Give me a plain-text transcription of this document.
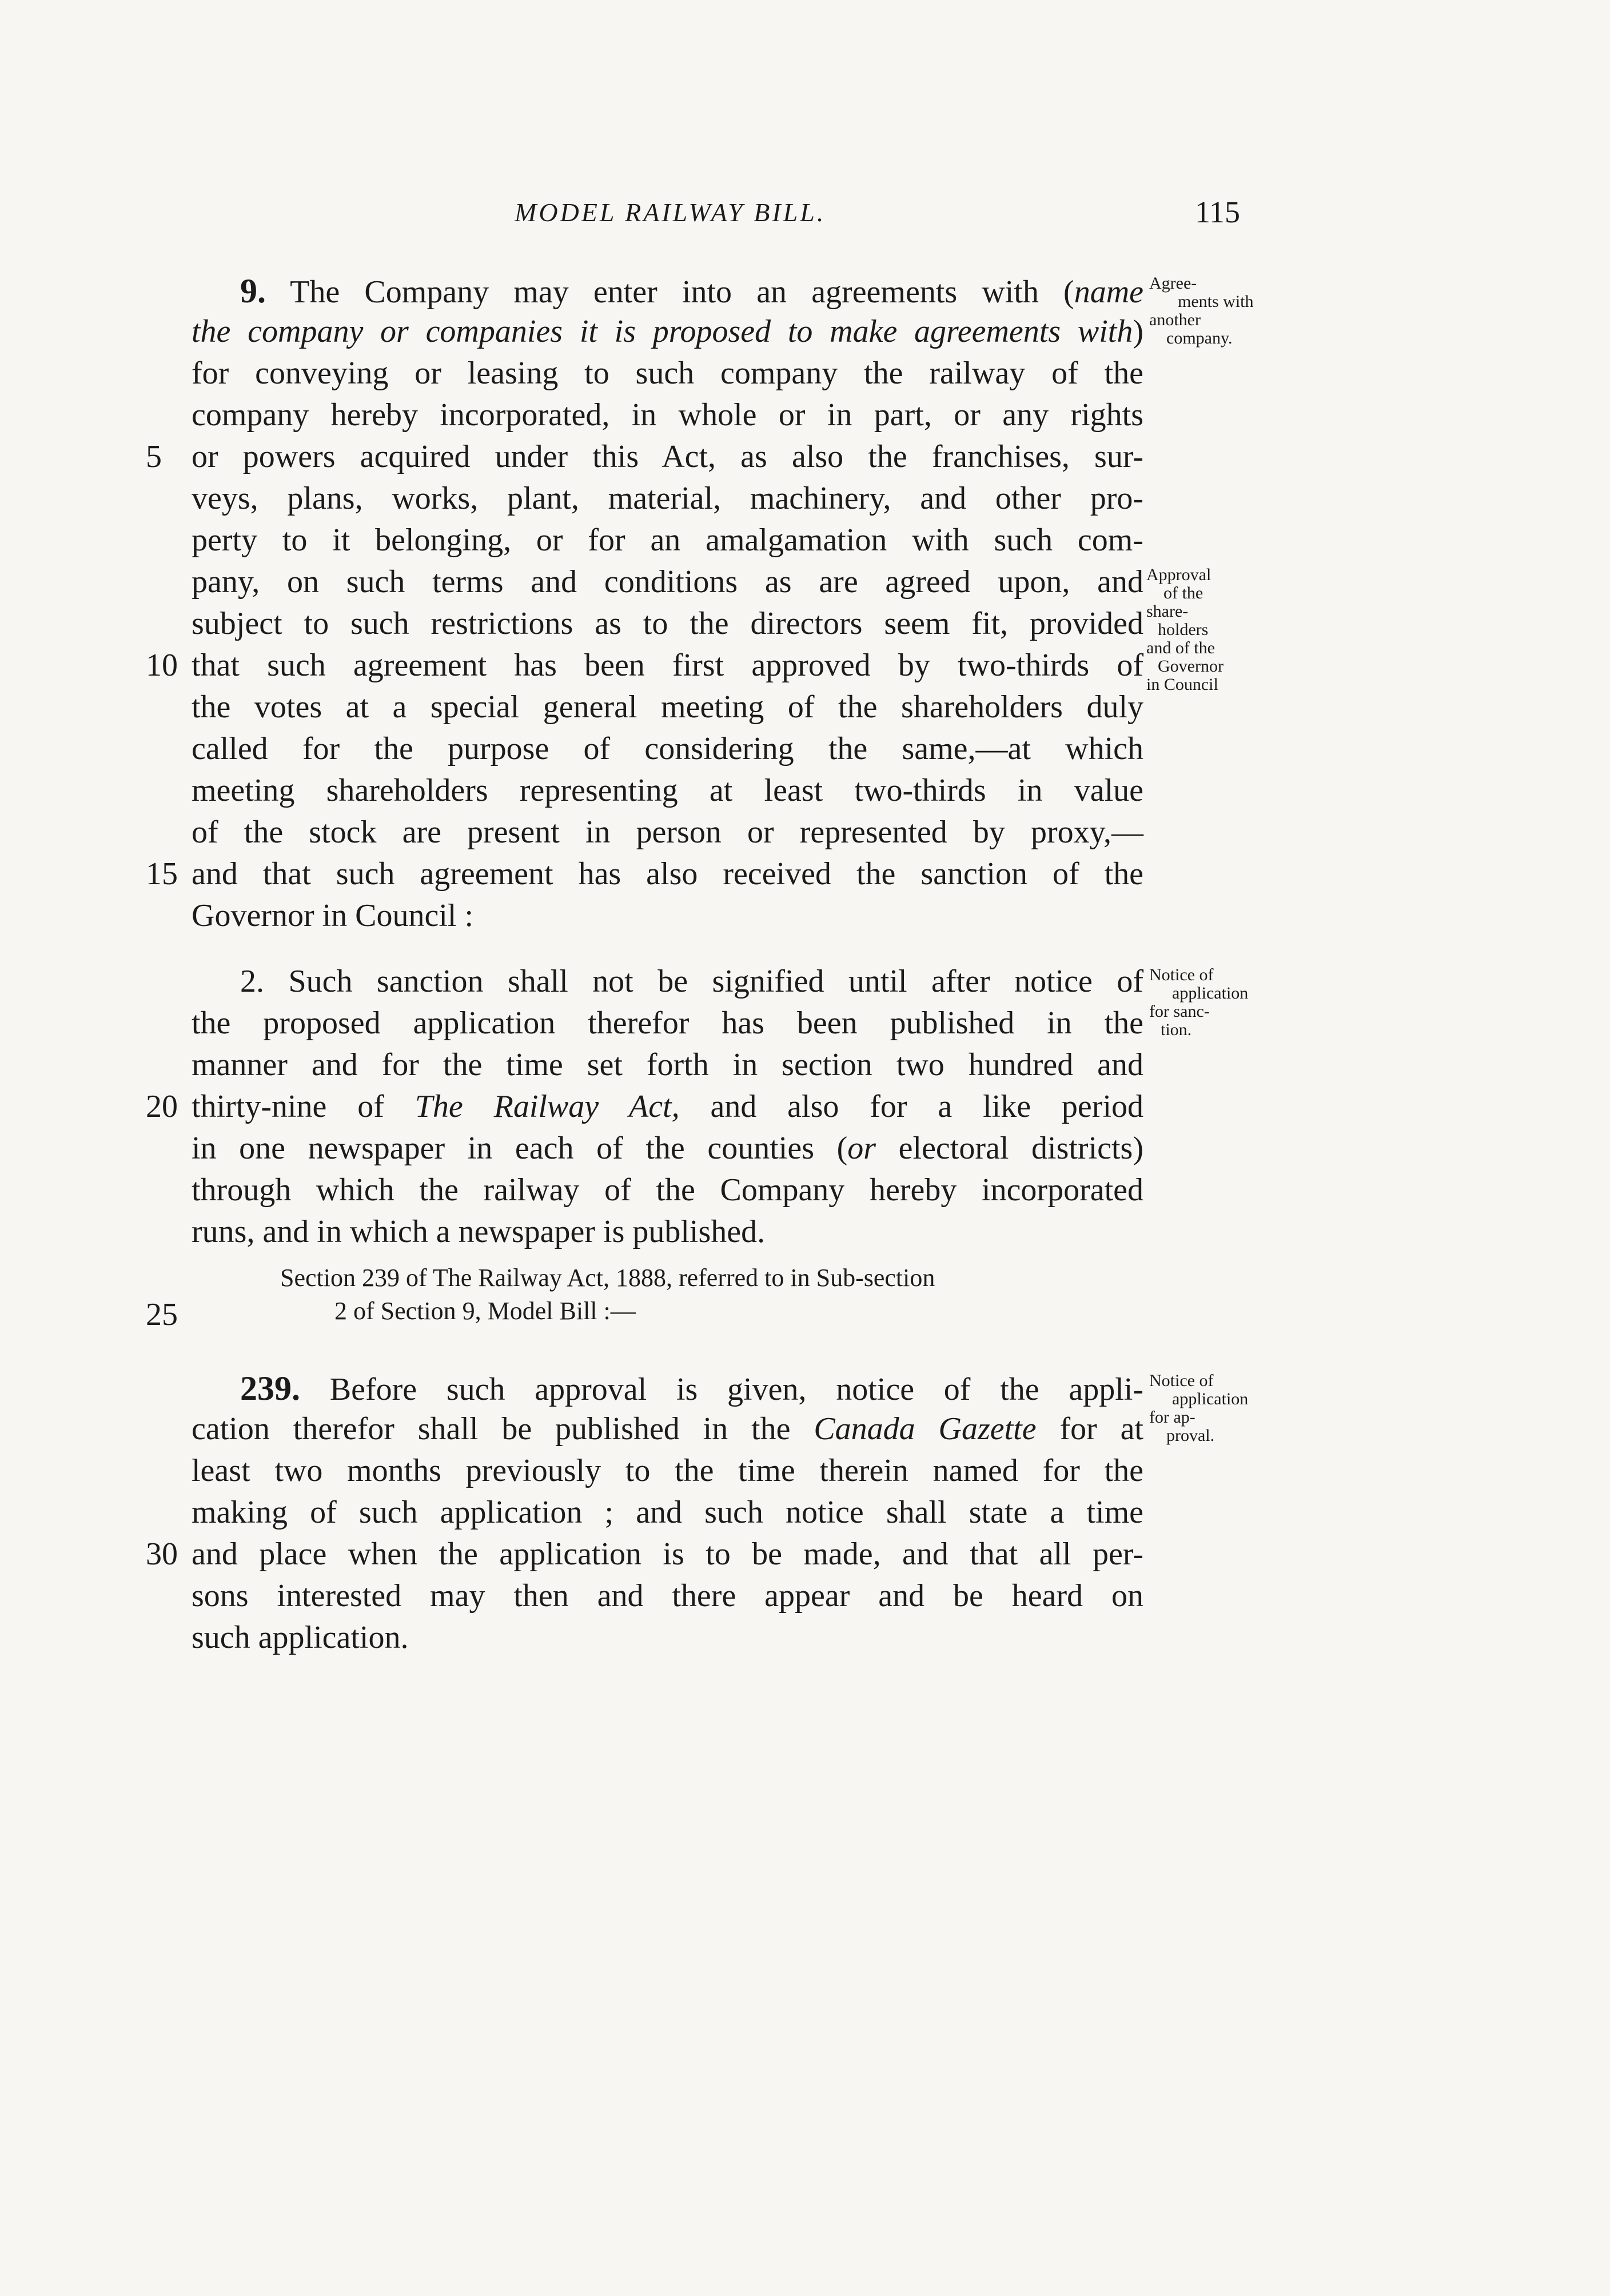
MODEL RAILWAY BILL.	115
9. The Company may enter into an agreements with (name
the company or companies it is proposed to make agreements with)
for conveying or leasing to such company the railway of the
company hereby incorporated, in whole or in part, or any rights
or powers acquired under this Act, as also the franchises, sur-
veys, plans, works, plant, material, machinery, and other pro-
perty to it belonging, or for an amalgamation with such com-
pany, on such terms and conditions as are agreed upon, and
subject to such restrictions as to the directors seem fit, provided
that such agreement has been first approved by two-thirds of
the votes at a special general meeting of the shareholders duly
called for the purpose of considering the same,—at which
meeting shareholders representing at least two-thirds in value
of the stock are present in person or represented by proxy,—
and that such agreement has also received the sanction of the
Governor in Council :
2. Such sanction shall not be signified until after notice of
the proposed application therefor has been published in the
manner and for the time set forth in section two hundred and
thirty-nine of The Railway Act, and also for a like period
in one newspaper in each of the counties (or electoral districts)
through which the railway of the Company hereby incorporated
runs, and in which a newspaper is published.
Section 239 of The Railway Act, 1888, referred to in Sub-section
2 of Section 9, Model Bill :—
239. Before such approval is given, notice of the appli-
cation therefor shall be published in the Canada Gazette for at
least two months previously to the time therein named for the
making of such application ; and such notice shall state a time
and place when the application is to be made, and that all per-
sons interested may then and there appear and be heard on
such application.
5
10
15
20
25
30
Agree-
ments with
another
company.
Approval
of the
share-
holders
and of the
Governor
in Council
Notice of
application
for sanc-
tion.
Notice of
application
for ap-
proval.
